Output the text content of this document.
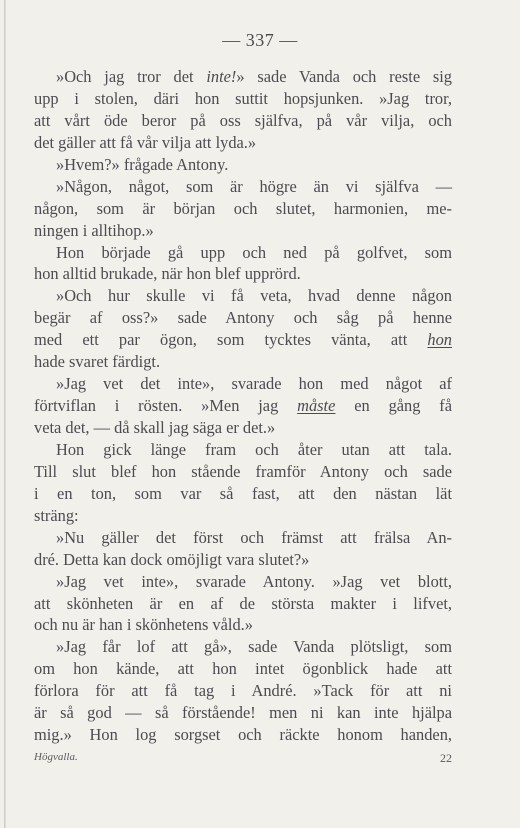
— 337 —
»Och jag tror det inte!» sade Vanda och reste sig
upp i stolen, däri hon suttit hopsjunken. »Jag tror,
att vårt öde beror på oss själfva, på vår vilja, och
det gäller att få vår vilja att lyda.»
»Hvem?» frågade Antony.
»Någon, något, som är högre än vi själfva —
någon, som är början och slutet, harmonien, me-
ningen i alltihop.»
Hon började gå upp och ned på golfvet, som
hon alltid brukade, när hon blef upprörd.
»Och hur skulle vi få veta, hvad denne någon
begär af oss?» sade Antony och såg på henne
med ett par ögon, som tycktes vänta, att hon
hade svaret färdigt.
»Jag vet det inte», svarade hon med något af
förtviflan i rösten. »Men jag måste en gång få
veta det, — då skall jag säga er det.»
Hon gick länge fram och åter utan att tala.
Till slut blef hon stående framför Antony och sade
i en ton, som var så fast, att den nästan lät
sträng:
»Nu gäller det först och främst att frälsa An-
dré. Detta kan dock omöjligt vara slutet?»
»Jag vet inte», svarade Antony. »Jag vet blott,
att skönheten är en af de största makter i lifvet,
och nu är han i skönhetens våld.»
»Jag får lof att gå», sade Vanda plötsligt, som
om hon kände, att hon intet ögonblick hade att
förlora för att få tag i André. »Tack för att ni
är så god — så förstående! men ni kan inte hjälpa
mig.» Hon log sorgset och räckte honom handen,
Högvalla.	22
